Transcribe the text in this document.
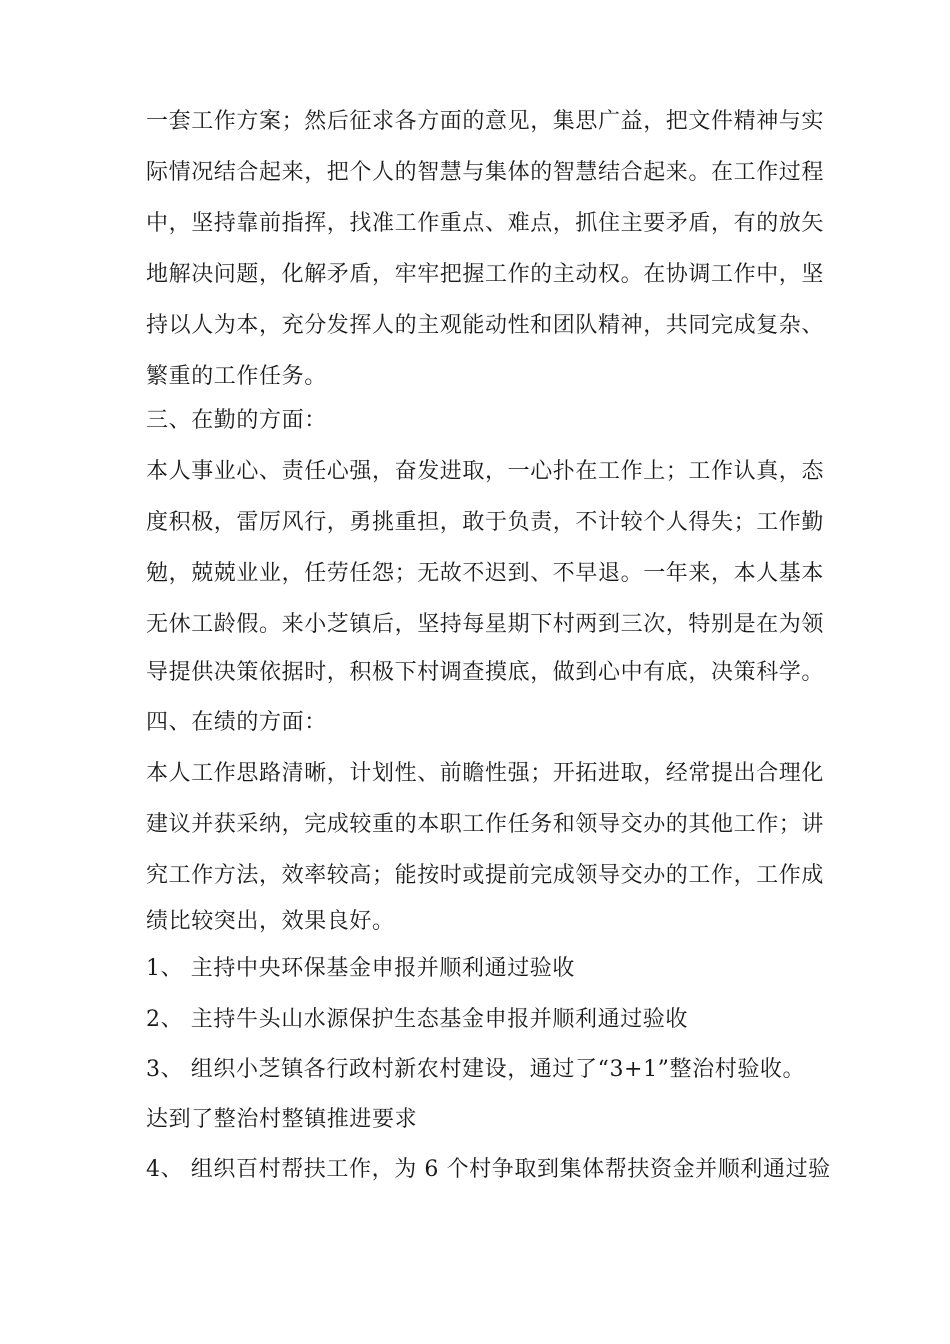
一套工作方案；然后征求各方面的意见，集思广益，把文件精神与实
际情况结合起来，把个人的智慧与集体的智慧结合起来。在工作过程
中，坚持靠前指挥，找准工作重点、难点，抓住主要矛盾，有的放矢
地解决问题，化解矛盾，牢牢把握工作的主动权。在协调工作中，坚
持以人为本，充分发挥人的主观能动性和团队精神，共同完成复杂、
繁重的工作任务。
三、在勤的方面：
本人事业心、责任心强，奋发进取，一心扑在工作上；工作认真，态
度积极，雷厉风行，勇挑重担，敢于负责，不计较个人得失；工作勤
勉，兢兢业业，任劳任怨；无故不迟到、不早退。一年来，本人基本
无休工龄假。来小芝镇后，坚持每星期下村两到三次，特别是在为领
导提供决策依据时，积极下村调查摸底，做到心中有底，决策科学。
四、在绩的方面：
本人工作思路清晰，计划性、前瞻性强；开拓进取，经常提出合理化
建议并获采纳，完成较重的本职工作任务和领导交办的其他工作；讲
究工作方法，效率较高；能按时或提前完成领导交办的工作，工作成
绩比较突出，效果良好。
1、 主持中央环保基金申报并顺利通过验收
2、 主持牛头山水源保护生态基金申报并顺利通过验收
3、 组织小芝镇各行政村新农村建设，通过了“3+1”整治村验收。
达到了整治村整镇推进要求
4、 组织百村帮扶工作，为 6 个村争取到集体帮扶资金并顺利通过验
